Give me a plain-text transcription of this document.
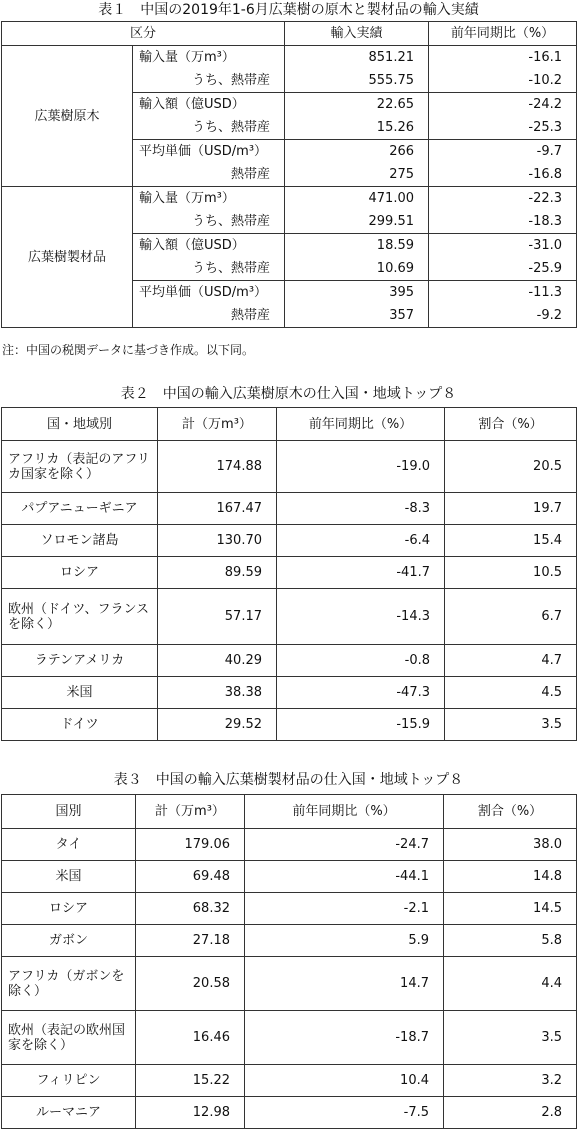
表１　中国の2019年1-6月広葉樹の原木と製材品の輸入実績
区分		輸入実績	前年同期比（%）
広葉樹原木	輸入量（万m³）	851.21	-16.1
	うち、熱帯産	555.75	-10.2
	輸入額（億USD）	22.65	-24.2
	うち、熱帯産	15.26	-25.3
	平均単価（USD/m³）	266	-9.7
	熱帯産	275	-16.8
広葉樹製材品	輸入量（万m³）	471.00	-22.3
	うち、熱帯産	299.51	-18.3
	輸入額（億USD）	18.59	-31.0
	うち、熱帯産	10.69	-25.9
	平均単価（USD/m³）	395	-11.3
	熱帯産	357	-9.2
注：中国の税関データに基づき作成。以下同。
表２　中国の輸入広葉樹原木の仕入国・地域トップ８
国・地域別	計（万m³）	前年同期比（%）	割合（%）
アフリカ（表記のアフリカ国家を除く）	174.88	-19.0	20.5
パプアニューギニア	167.47	-8.3	19.7
ソロモン諸島	130.70	-6.4	15.4
ロシア	89.59	-41.7	10.5
欧州（ドイツ、フランスを除く）	57.17	-14.3	6.7
ラテンアメリカ	40.29	-0.8	4.7
米国	38.38	-47.3	4.5
ドイツ	29.52	-15.9	3.5
表３　中国の輸入広葉樹製材品の仕入国・地域トップ８
国別	計（万m³）	前年同期比（%）	割合（%）
タイ	179.06	-24.7	38.0
米国	69.48	-44.1	14.8
ロシア	68.32	-2.1	14.5
ガボン	27.18	5.9	5.8
アフリカ（ガボンを除く）	20.58	14.7	4.4
欧州（表記の欧州国家を除く）	16.46	-18.7	3.5
フィリピン	15.22	10.4	3.2
ルーマニア	12.98	-7.5	2.8
